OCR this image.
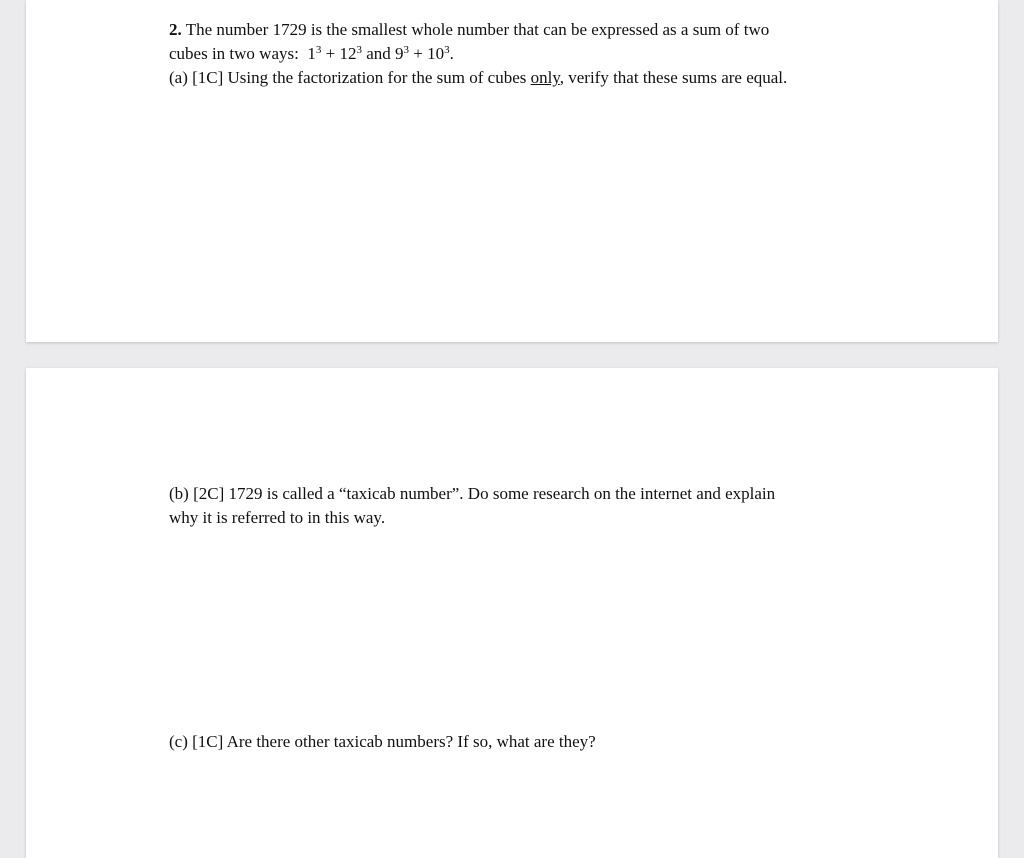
2. The number 1729 is the smallest whole number that can be expressed as a sum of two
cubes in two ways: $1^3 + 12^3$ and $9^3 + 10^3$.
(a) [1C] Using the factorization for the sum of cubes only, verify that these sums are equal.
(b) [2C] 1729 is called a “taxicab number”. Do some research on the internet and explain
why it is referred to in this way.
(c) [1C] Are there other taxicab numbers? If so, what are they?
